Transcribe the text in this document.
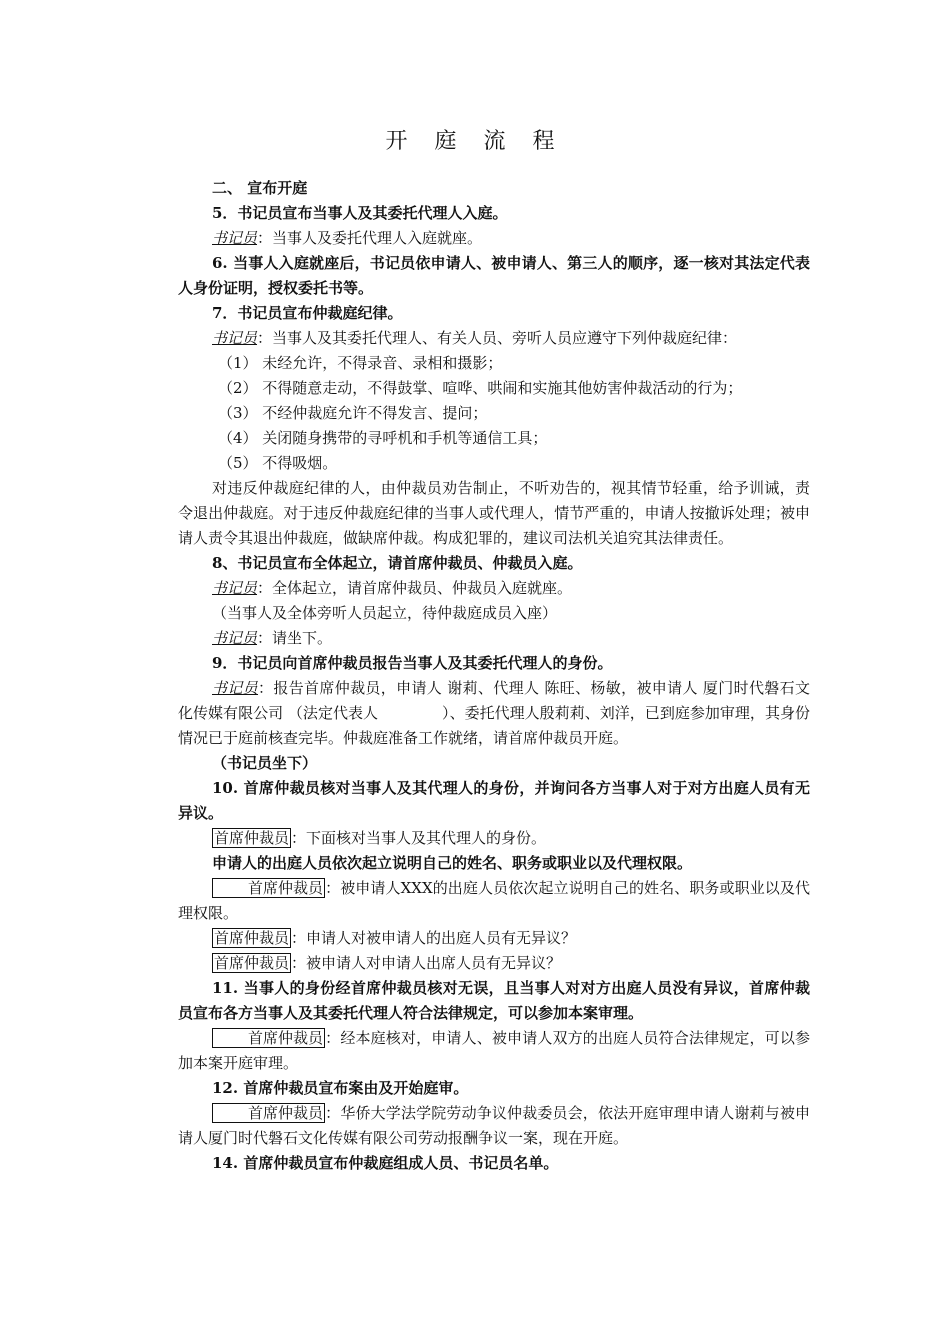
开 庭 流 程

二、 宣布开庭

5．书记员宣布当事人及其委托代理人入庭。

书记员：当事人及委托代理人入庭就座。

6. 当事人入庭就座后，书记员依申请人、被申请人、第三人的顺序，逐一核对其法定代表人身份证明，授权委托书等。

7．书记员宣布仲裁庭纪律。

书记员：当事人及其委托代理人、有关人员、旁听人员应遵守下列仲裁庭纪律：

（1） 未经允许，不得录音、录相和摄影；

（2） 不得随意走动，不得鼓掌、喧哗、哄闹和实施其他妨害仲裁活动的行为；

（3） 不经仲裁庭允许不得发言、提问；

（4） 关闭随身携带的寻呼机和手机等通信工具；

（5） 不得吸烟。

对违反仲裁庭纪律的人，由仲裁员劝告制止，不听劝告的，视其情节轻重，给予训诫，责令退出仲裁庭。对于违反仲裁庭纪律的当事人或代理人，情节严重的，申请人按撤诉处理；被申请人责令其退出仲裁庭，做缺席仲裁。构成犯罪的，建议司法机关追究其法律责任。

8、书记员宣布全体起立，请首席仲裁员、仲裁员入庭。

书记员：全体起立，请首席仲裁员、仲裁员入庭就座。

（当事人及全体旁听人员起立，待仲裁庭成员入座）

书记员：请坐下。

9．书记员向首席仲裁员报告当事人及其委托代理人的身份。

书记员：报告首席仲裁员，申请人 谢莉、代理人 陈旺、杨敏，被申请人 厦门时代磐石文化传媒有限公司 （法定代表人	）、委托代理人殷莉莉、刘洋，已到庭参加审理，其身份情况已于庭前核查完毕。仲裁庭准备工作就绪，请首席仲裁员开庭。

（书记员坐下）

10. 首席仲裁员核对当事人及其代理人的身份，并询问各方当事人对于对方出庭人员有无异议。

首席仲裁员 ：下面核对当事人及其代理人的身份。

申请人的出庭人员依次起立说明自己的姓名、职务或职业以及代理权限。

首席仲裁员 ：被申请人XXX的出庭人员依次起立说明自己的姓名、职务或职业以及代理权限。

首席仲裁员 ：申请人对被申请人的出庭人员有无异议？

首席仲裁员 ：被申请人对申请人出席人员有无异议？

11. 当事人的身份经首席仲裁员核对无误，且当事人对对方出庭人员没有异议，首席仲裁员宣布各方当事人及其委托代理人符合法律规定，可以参加本案审理。

首席仲裁员 ：经本庭核对，申请人、被申请人双方的出庭人员符合法律规定，可以参加本案开庭审理。

12. 首席仲裁员宣布案由及开始庭审。

首席仲裁员 ：华侨大学法学院劳动争议仲裁委员会，依法开庭审理申请人谢莉与被申请人厦门时代磐石文化传媒有限公司劳动报酬争议一案，现在开庭。

14. 首席仲裁员宣布仲裁庭组成人员、书记员名单。
